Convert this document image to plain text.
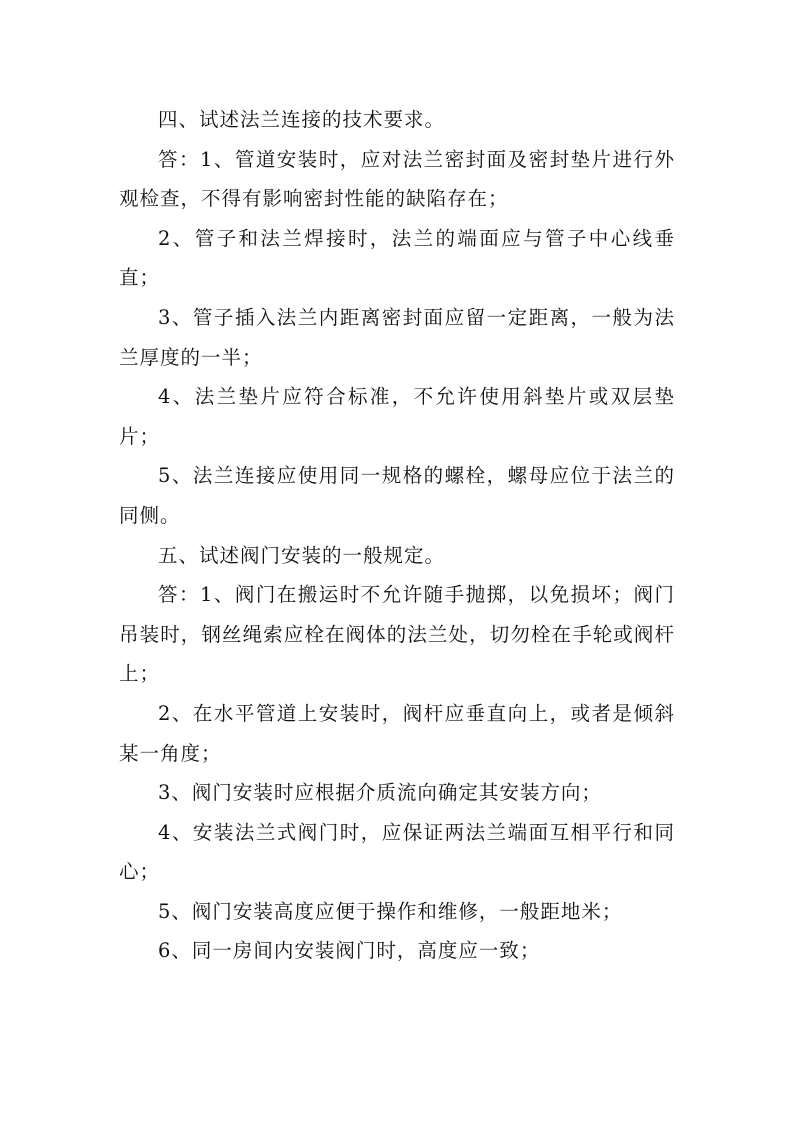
四、试述法兰连接的技术要求。

答：1、管道安装时，应对法兰密封面及密封垫片进行外观检查，不得有影响密封性能的缺陷存在；

2、管子和法兰焊接时，法兰的端面应与管子中心线垂直；

3、管子插入法兰内距离密封面应留一定距离，一般为法兰厚度的一半；

4、法兰垫片应符合标准，不允许使用斜垫片或双层垫片；

5、法兰连接应使用同一规格的螺栓，螺母应位于法兰的同侧。

五、试述阀门安装的一般规定。

答：1、阀门在搬运时不允许随手抛掷，以免损坏；阀门吊装时，钢丝绳索应栓在阀体的法兰处，切勿栓在手轮或阀杆上；

2、在水平管道上安装时，阀杆应垂直向上，或者是倾斜某一角度；

3、阀门安装时应根据介质流向确定其安装方向；

4、安装法兰式阀门时，应保证两法兰端面互相平行和同心；

5、阀门安装高度应便于操作和维修，一般距地米；

6、同一房间内安装阀门时，高度应一致；
